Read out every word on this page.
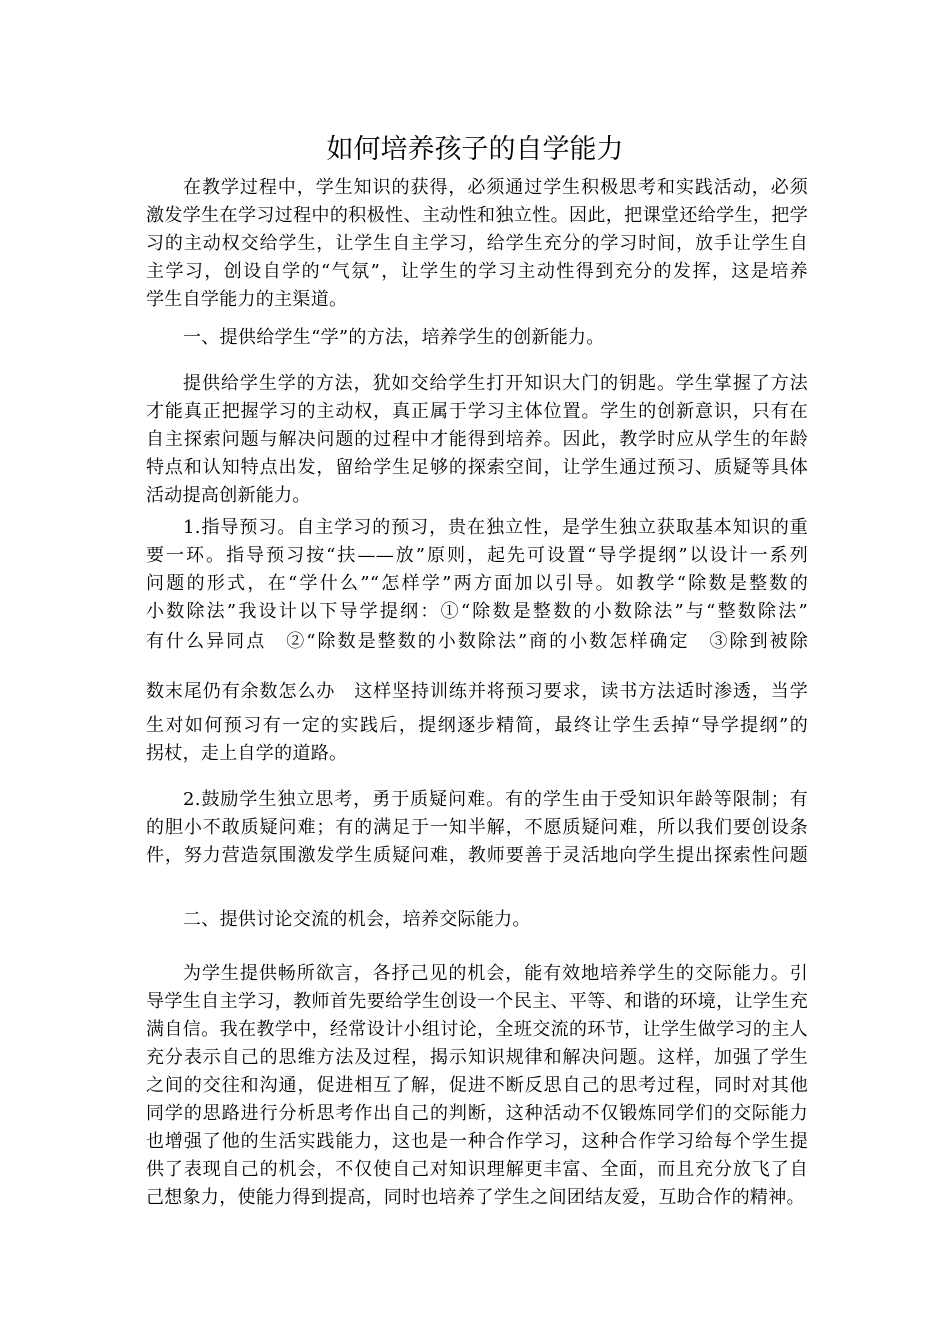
如何培养孩子的自学能力
在教学过程中，学生知识的获得，必须通过学生积极思考和实践活动，必须
激发学生在学习过程中的积极性、主动性和独立性。因此，把课堂还给学生，把学
习的主动权交给学生，让学生自主学习，给学生充分的学习时间，放手让学生自
主学习，创设自学的“气氛”，让学生的学习主动性得到充分的发挥，这是培养
学生自学能力的主渠道。
一、提供给学生“学”的方法，培养学生的创新能力。
提供给学生学的方法，犹如交给学生打开知识大门的钥匙。学生掌握了方法
才能真正把握学习的主动权，真正属于学习主体位置。学生的创新意识，只有在
自主探索问题与解决问题的过程中才能得到培养。因此，教学时应从学生的年龄
特点和认知特点出发，留给学生足够的探索空间，让学生通过预习、质疑等具体
活动提高创新能力。
1.指导预习。自主学习的预习，贵在独立性，是学生独立获取基本知识的重
要一环。指导预习按“扶——放”原则，起先可设置“导学提纲”以设计一系列
问题的形式，在“学什么”“怎样学”两方面加以引导。如教学“除数是整数的
小数除法”我设计以下导学提纲：①“除数是整数的小数除法”与“整数除法”
有什么异同点　②“除数是整数的小数除法”商的小数怎样确定　③除到被除
数末尾仍有余数怎么办　这样坚持训练并将预习要求，读书方法适时渗透，当学
生对如何预习有一定的实践后，提纲逐步精简，最终让学生丢掉“导学提纲”的
拐杖，走上自学的道路。
2.鼓励学生独立思考，勇于质疑问难。有的学生由于受知识年龄等限制；有
的胆小不敢质疑问难；有的满足于一知半解，不愿质疑问难，所以我们要创设条
件，努力营造氛围激发学生质疑问难，教师要善于灵活地向学生提出探索性问题
二、提供讨论交流的机会，培养交际能力。
为学生提供畅所欲言，各抒己见的机会，能有效地培养学生的交际能力。引
导学生自主学习，教师首先要给学生创设一个民主、平等、和谐的环境，让学生充
满自信。我在教学中，经常设计小组讨论，全班交流的环节，让学生做学习的主人
充分表示自己的思维方法及过程，揭示知识规律和解决问题。这样，加强了学生
之间的交往和沟通，促进相互了解，促进不断反思自己的思考过程，同时对其他
同学的思路进行分析思考作出自己的判断，这种活动不仅锻炼同学们的交际能力
也增强了他的生活实践能力，这也是一种合作学习，这种合作学习给每个学生提
供了表现自己的机会，不仅使自己对知识理解更丰富、全面，而且充分放飞了自
己想象力，使能力得到提高，同时也培养了学生之间团结友爱，互助合作的精神。
